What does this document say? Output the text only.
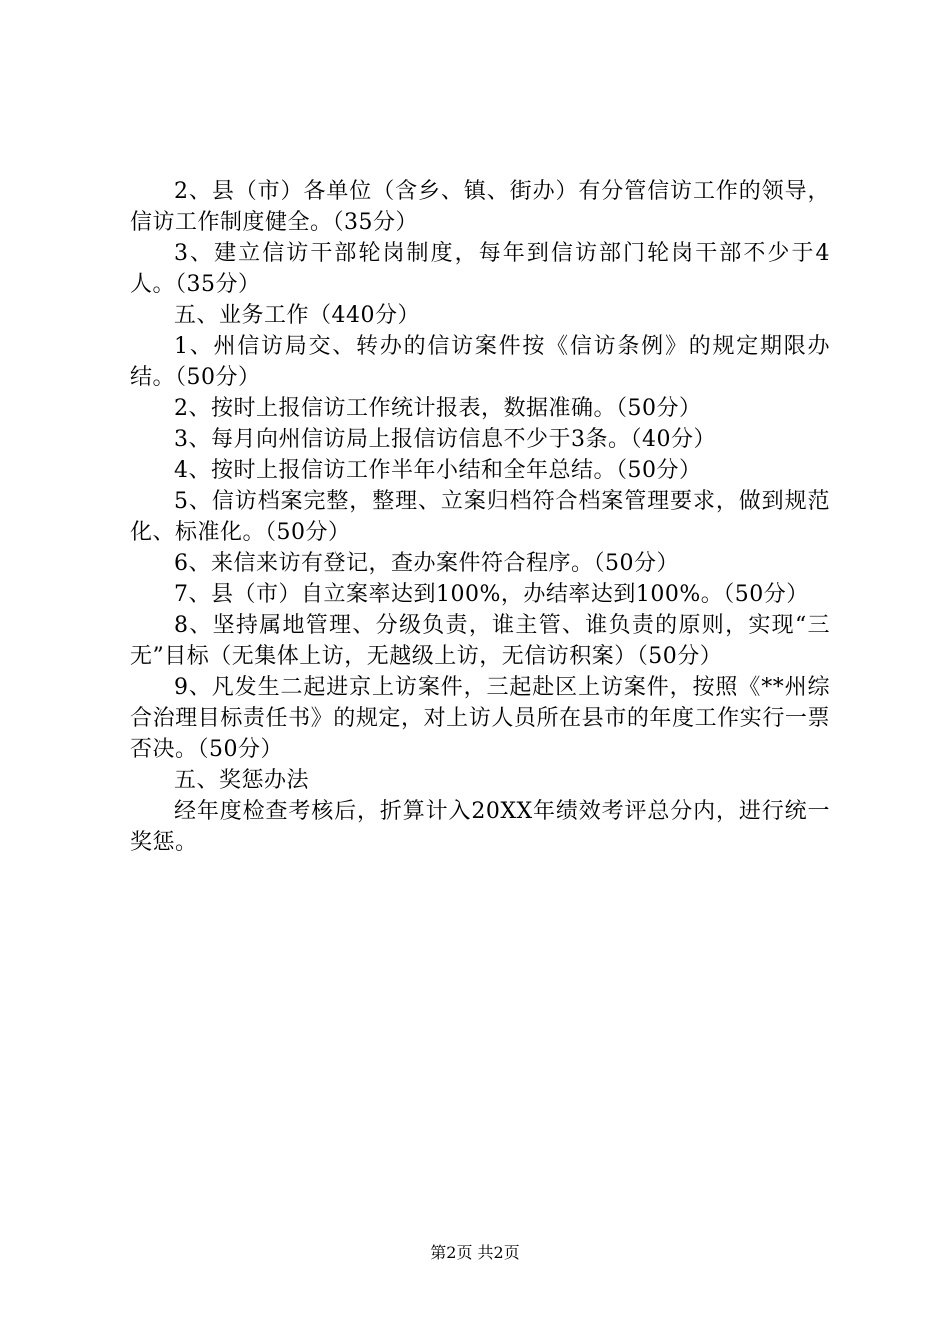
2、县（市）各单位（含乡、镇、街办）有分管信访工作的领导，信访工作制度健全。（35分）

3、建立信访干部轮岗制度，每年到信访部门轮岗干部不少于4人。（35分）

五、业务工作（440分）

1、州信访局交、转办的信访案件按《信访条例》的规定期限办结。（50分）

2、按时上报信访工作统计报表，数据准确。（50分）

3、每月向州信访局上报信访信息不少于3条。（40分）

4、按时上报信访工作半年小结和全年总结。（50分）

5、信访档案完整，整理、立案归档符合档案管理要求，做到规范化、标准化。（50分）

6、来信来访有登记，查办案件符合程序。（50分）

7、县（市）自立案率达到100%，办结率达到100%。（50分）

8、坚持属地管理、分级负责，谁主管、谁负责的原则，实现“三无”目标（无集体上访，无越级上访，无信访积案）（50分）

9、凡发生二起进京上访案件，三起赴区上访案件，按照《**州综合治理目标责任书》的规定，对上访人员所在县市的年度工作实行一票否决。（50分）

五、奖惩办法

经年度检查考核后，折算计入20XX年绩效考评总分内，进行统一奖惩。

第2页 共2页
